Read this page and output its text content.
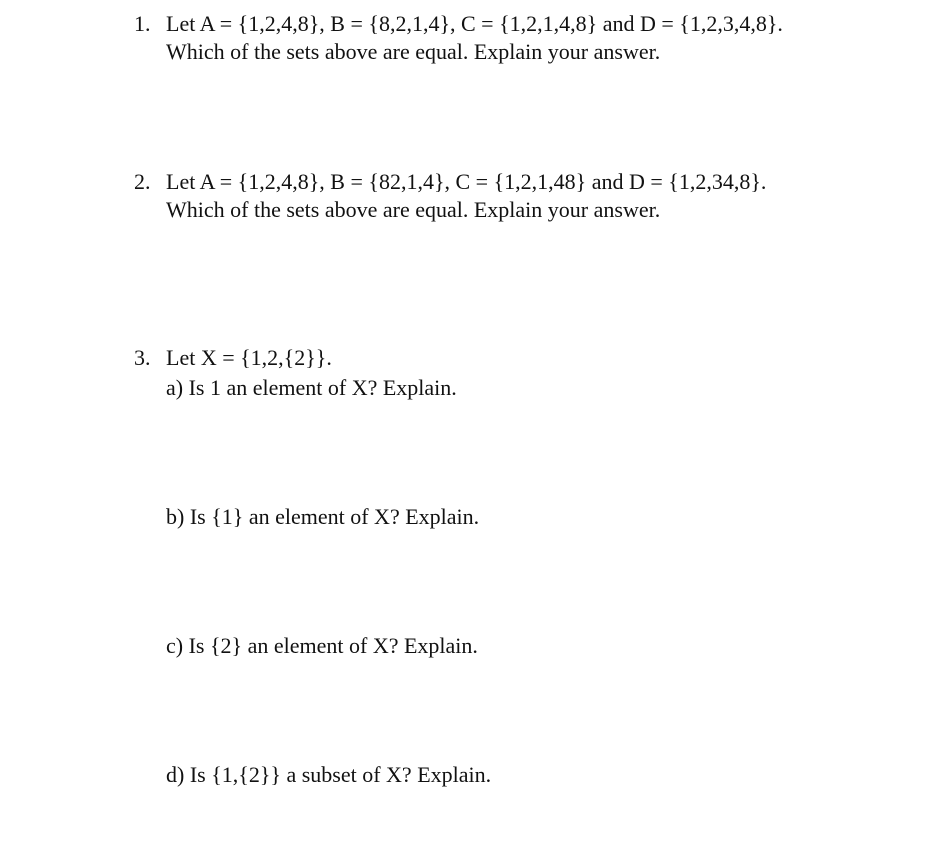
1. Let A = {1,2,4,8}, B = {8,2,1,4}, C = {1,2,1,4,8} and D = {1,2,3,4,8}.
Which of the sets above are equal. Explain your answer.
2. Let A = {1,2,4,8}, B = {82,1,4}, C = {1,2,1,48} and D = {1,2,34,8}.
Which of the sets above are equal. Explain your answer.
3. Let X = {1,2,{2}}.
a) Is 1 an element of X? Explain.
b) Is {1} an element of X? Explain.
c) Is {2} an element of X? Explain.
d) Is {1,{2}} a subset of X? Explain.
